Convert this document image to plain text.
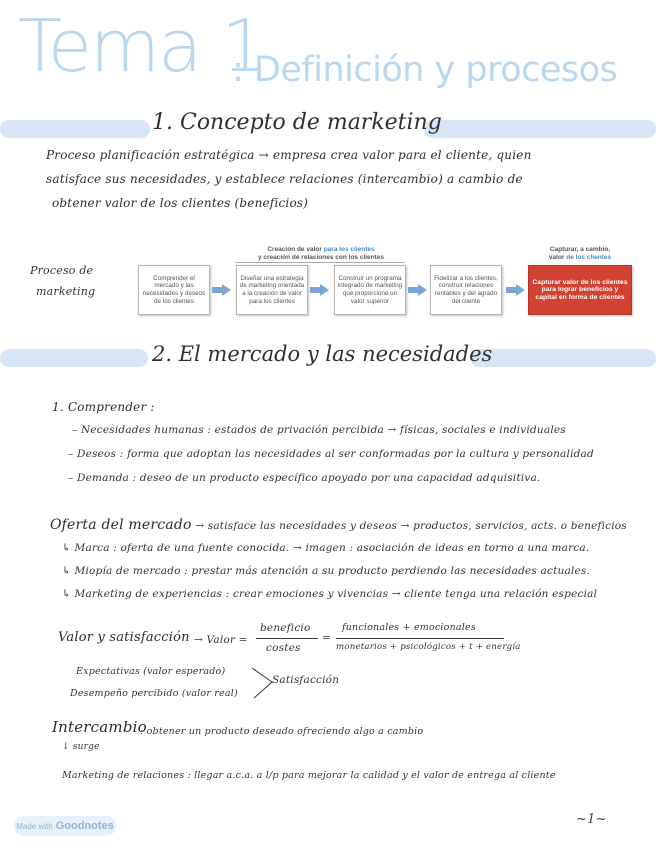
Tema 1
: Definición y procesos
1. Concepto de marketing
Proceso planificación estratégica → empresa crea valor para el cliente, quien
satisface sus necesidades, y establece relaciones (intercambio) a cambio de
obtener valor de los clientes (beneficios)
Proceso de
marketing
Creación de valor para los clientes
y creación de relaciones con los clientes
Capturar, a cambio,
valor de los clientes
Comprender el mercado y las necesidades y deseos de los clientes
Diseñar una estrategia de marketing orientada a la creación de valor para los clientes
Construir un programa integrado de marketing que proporcione un valor superior
Fidelizar a los clientes, construir relaciones rentables y del agrado del cliente
Capturar valor de los clientes para lograr beneficios y capital en forma de clientes
2. El mercado y las necesidades
1. Comprender :
– Necesidades humanas : estados de privación percibida → físicas, sociales e individuales
– Deseos : forma que adoptan las necesidades al ser conformadas por la cultura y personalidad
– Demanda : deseo de un producto específico apoyado por una capacidad adquisitiva.
Oferta del mercado → satisface las necesidades y deseos → productos, servicios, acts. o beneficios
↳ Marca : oferta de una fuente conocida. → imagen : asociación de ideas en torno a una marca.
↳ Miopía de mercado : prestar más atención a su producto perdiendo las necesidades actuales.
↳ Marketing de experiencias : crear emociones y vivencias → cliente tenga una relación especial
Valor y satisfacción → Valor =
beneficio
costes
=
funcionales + emocionales
monetarios + psicológicos + t + energía
Expectativas (valor esperado)
Desempeño percibido (valor real)
Satisfacción
Intercambio
: obtener un producto deseado ofreciendo algo a cambio
↓ surge
Marketing de relaciones : llegar a.c.a. a l/p para mejorar la calidad y el valor de entrega al cliente
Made with Goodnotes	~1~
